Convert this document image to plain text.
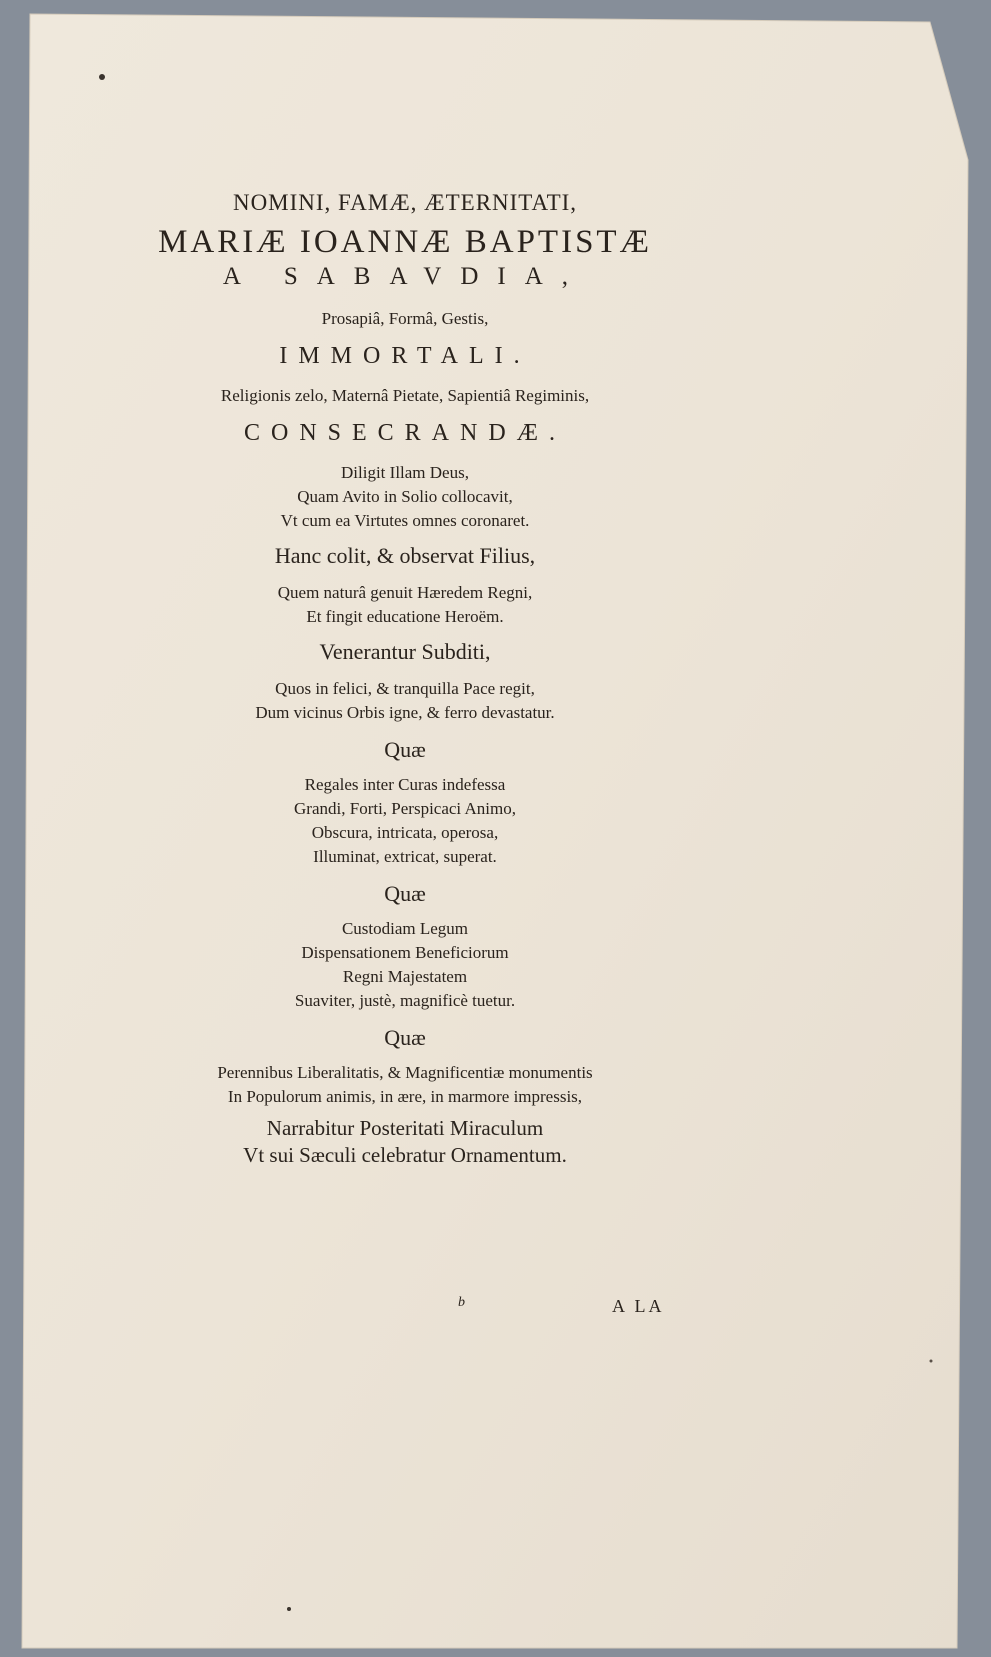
NOMINI, FAMÆ, ÆTERNITATI,
MARIÆ IOANNÆ BAPTISTÆ
A SABAVDIA,
Prosapiâ, Formâ, Gestis,
IMMORTALI.
Religionis zelo, Maternâ Pietate, Sapientiâ Regiminis,
CONSECRANDÆ.
Diligit Illam Deus,
Quam Avito in Solio collocavit,
Vt cum ea Virtutes omnes coronaret.
Hanc colit, & observat Filius,
Quem naturâ genuit Hæredem Regni,
Et fingit educatione Heroëm.
Venerantur Subditi,
Quos in felici, & tranquilla Pace regit,
Dum vicinus Orbis igne, & ferro devastatur.
Quæ
Regales inter Curas indefessa
Grandi, Forti, Perspicaci Animo,
Obscura, intricata, operosa,
Illuminat, extricat, superat.
Quæ
Custodiam Legum
Dispensationem Beneficiorum
Regni Majestatem
Suaviter, justè, magnificè tuetur.
Quæ
Perennibus Liberalitatis, & Magnificentiæ monumentis
In Populorum animis, in ære, in marmore impressis,
Narrabitur Posteritati Miraculum
Vt sui Sæculi celebratur Ornamentum.
b	A LA
